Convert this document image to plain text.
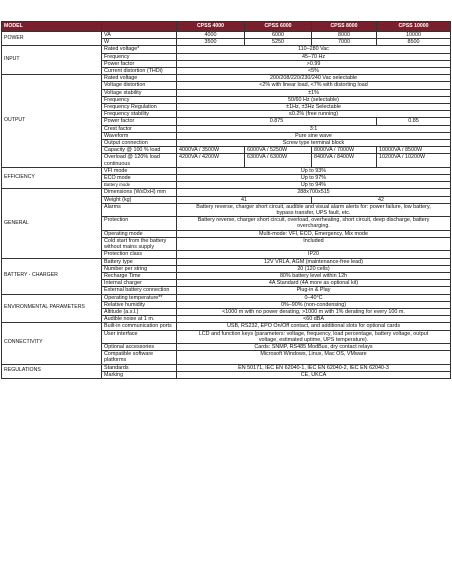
MODEL		CPSS 4000	CPSS 6000	CPSS 8000	CPSS 10000
POWER	VA	4000	6000	8000	10000
	W	3500	5250	7000	8500
INPUT	Rated voltage*	110–280 Vac			
	Frequency	45–70 Hz			
	Power factor	>0.99			
	Current distortion (THDi)	<5%			
OUTPUT	Rated voltage	200/208/220/230/240 Vac selectable			
	Voltage distortion	<2% with linear load, <7% with distorting load			
	Voltage stability	±1%			
	Frequency	50/60 Hz (selectable)			
	Frequency Regulation	±1Hz, ±3Hz Selectable			
	Frequency stability	≤0.2% (free running)			
	Power factor	0.875			0.85
	Crest factor	3:1			
	Waveform	Pure sine wave			
	Output connection	Screw type terminal block			
	Capacity @ 100 % load	4000VA / 3500W	6000VA / 5250W	8000VA / 7000W	10000VA / 8500W
	Overload @ 120% load continuous	4200VA / 4200W	6300VA / 6300W	8400VA / 8400W	10200VA / 10200W
EFFICIENCY	VFI mode	Up to 93%			
	ECO mode	Up to 97%			
	Battery mode	Up to 94%			
GENERAL	Dimensions (WxDxH) mm	288x700x515			
	Weight (kg)	41		42	
	Alarms	Battery reverse, charger short circuit, audible and visual alarm alerts for: power failure, low battery, bypass transfer, UPS fault, etc.			
	Protection	Battery reverse, charger short circuit, overload, overheating, short circuit, deep discharge, battery overcharging.			
	Operating mode	Multi-mode: VFI, ECO, Emergency, Mix mode			
	Cold start from the battery without mains supply	Included			
	Protection class	IP20			
BATTERY - CHARGER	Battery type	12V VRLA, AGM (maintenance-free lead)			
	Number per string	20 (120 cells)			
	Recharge Time	80% battery level within 12h			
	Internal charger	4A Standard (4A more as optional kit)			
	External battery connection	Plug-in & Play			
ENVIRONMENTAL PARAMETERS	Operating temperature**	0–40°C			
	Relative humidity	0%–90% (non-condensing)			
	Altitude (a.s.l.)	<1000 m with no power derating, >1000 m with 1% derating for every 100 m.			
	Audible noise at 1 m.	<60 dBA			
CONNECTIVITY	Built-in communication ports	USB, RS232, EPO On/Off contact, and additional slots for optional cards			
	User interface	LCD and function keys (parameters: voltage, frequency, load percentage, battery voltage, output voltage, estimated uptime, UPS temperature).			
	Optional accessories	Cards: SNMP, RS485 ModBus, dry contact relays			
	Compatible software platforms	Microsoft Windows, Linux, Mac OS, VMware			
REGULATIONS	Standards	EN 50171, IEC EN 62040-1, IEC EN 62040-2, IEC EN 62040-3			
	Marking	CE, UKCA			
